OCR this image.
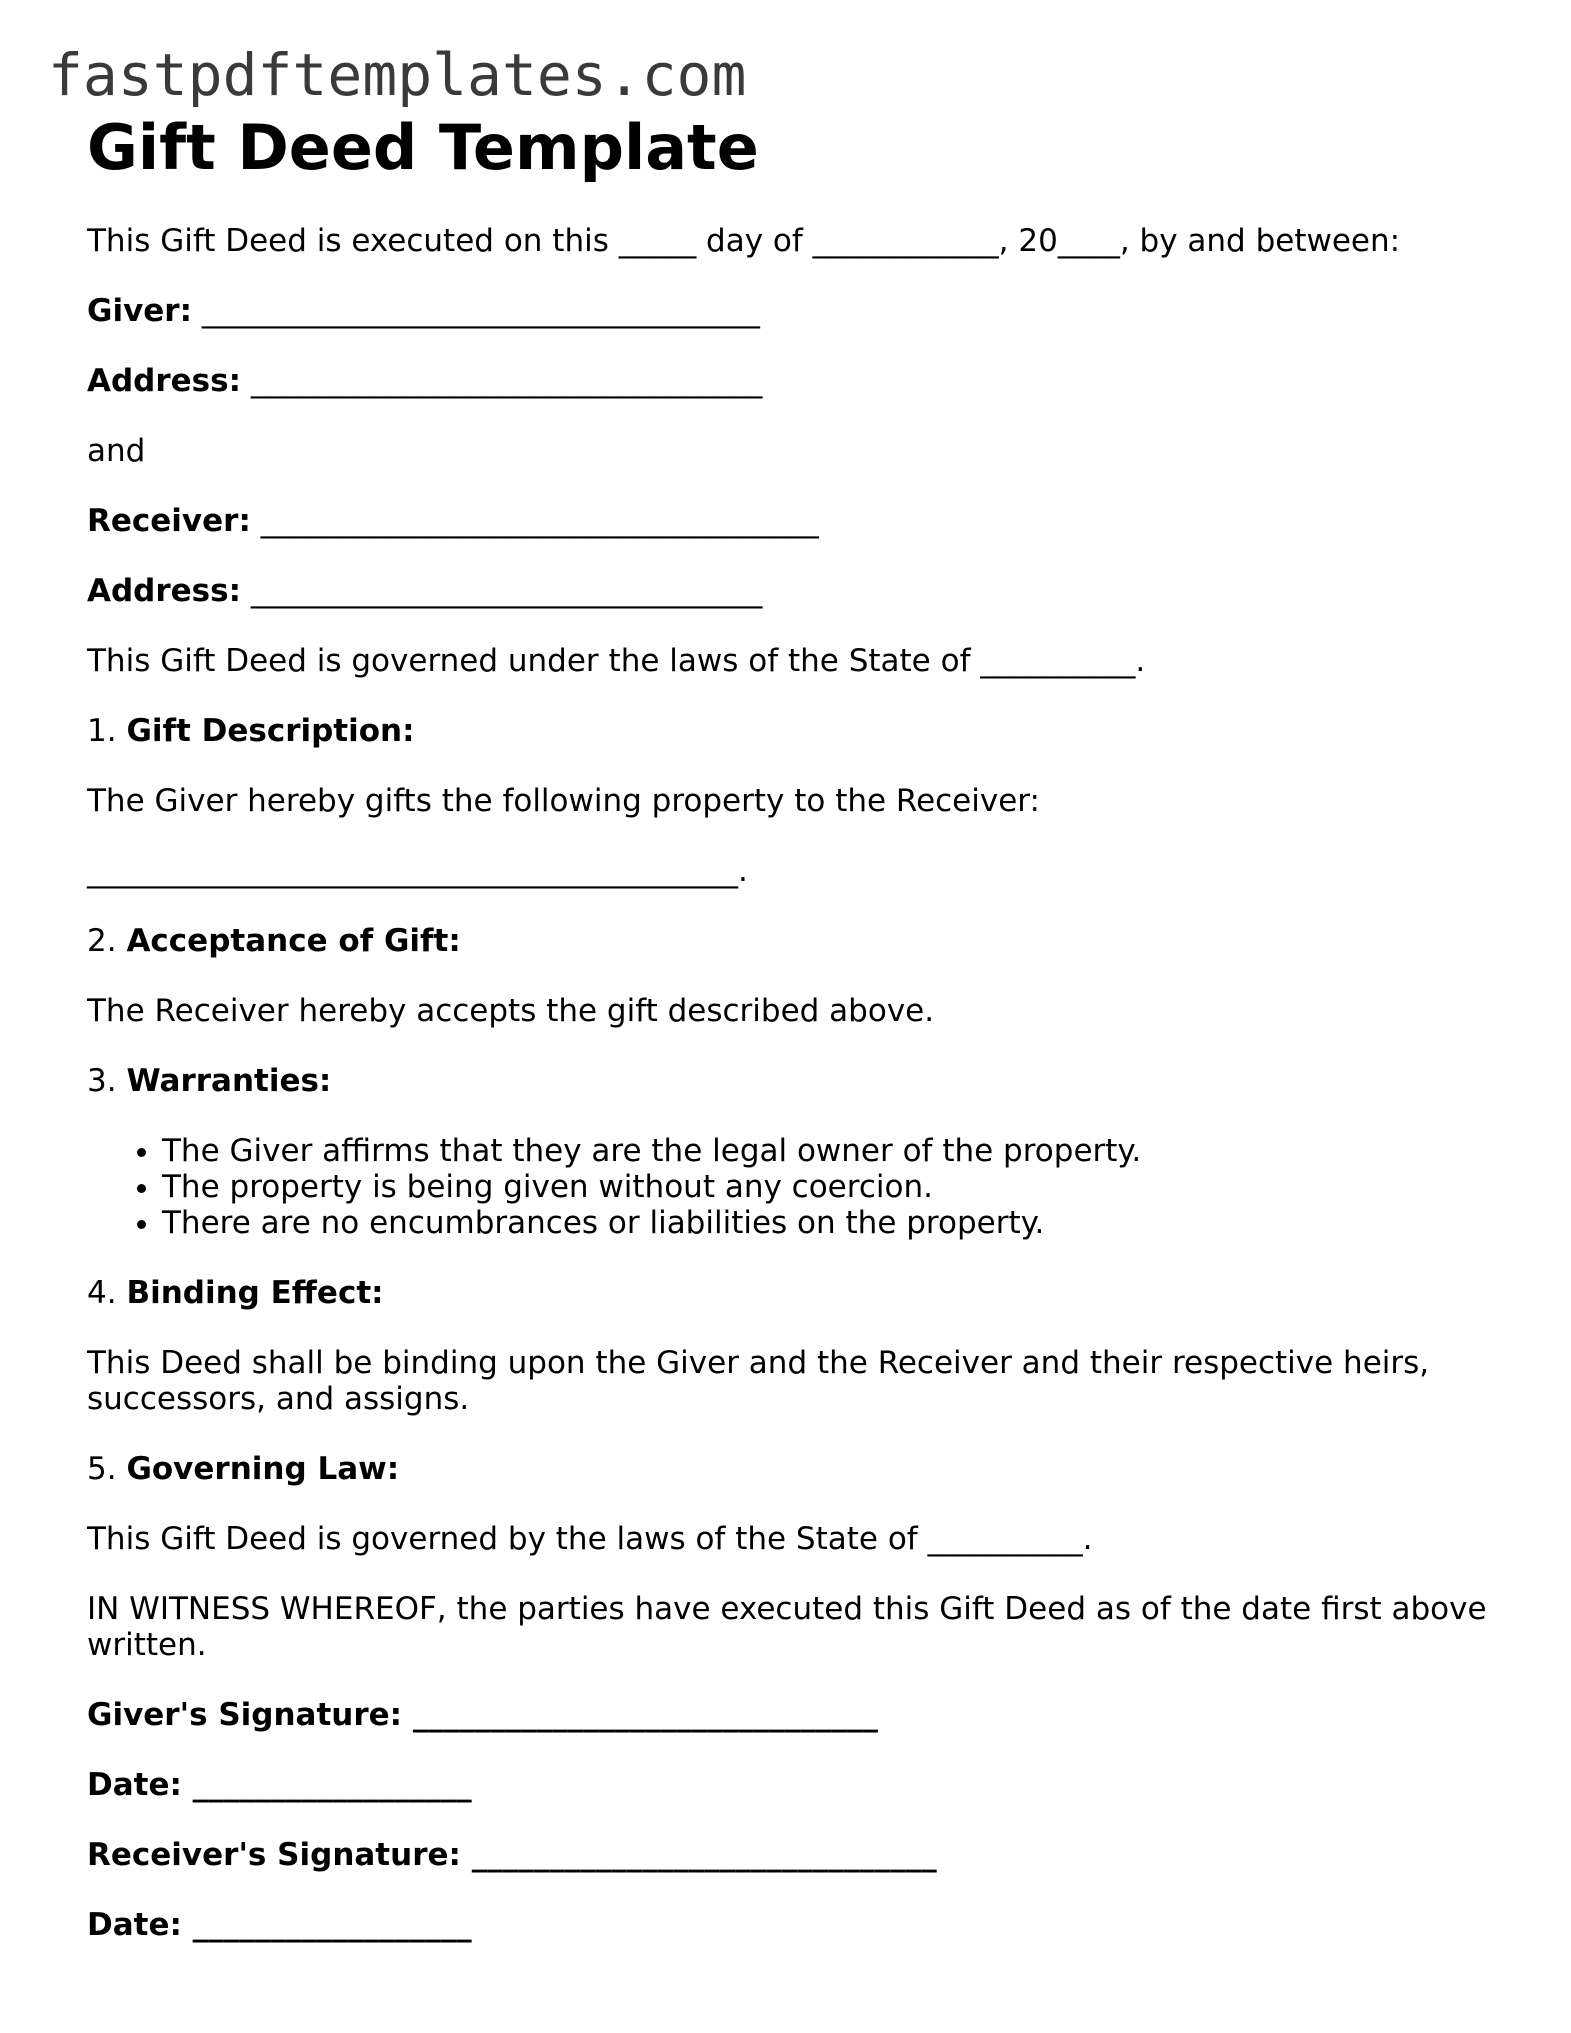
fastpdftemplates.com
Gift Deed Template

This Gift Deed is executed on this _____ day of ____________, 20____, by and between:

Giver: ____________________________________

Address: _________________________________

and

Receiver: ____________________________________

Address: _________________________________

This Gift Deed is governed under the laws of the State of __________.

1. Gift Description:

The Giver hereby gifts the following property to the Receiver:

__________________________________________.

2. Acceptance of Gift:

The Receiver hereby accepts the gift described above.

3. Warranties:

• The Giver affirms that they are the legal owner of the property.
• The property is being given without any coercion.
• There are no encumbrances or liabilities on the property.

4. Binding Effect:

This Deed shall be binding upon the Giver and the Receiver and their respective heirs, successors, and assigns.

5. Governing Law:

This Gift Deed is governed by the laws of the State of __________.

IN WITNESS WHEREOF, the parties have executed this Gift Deed as of the date first above written.

Giver's Signature: ______________________________

Date: __________________

Receiver's Signature: ______________________________

Date: __________________
